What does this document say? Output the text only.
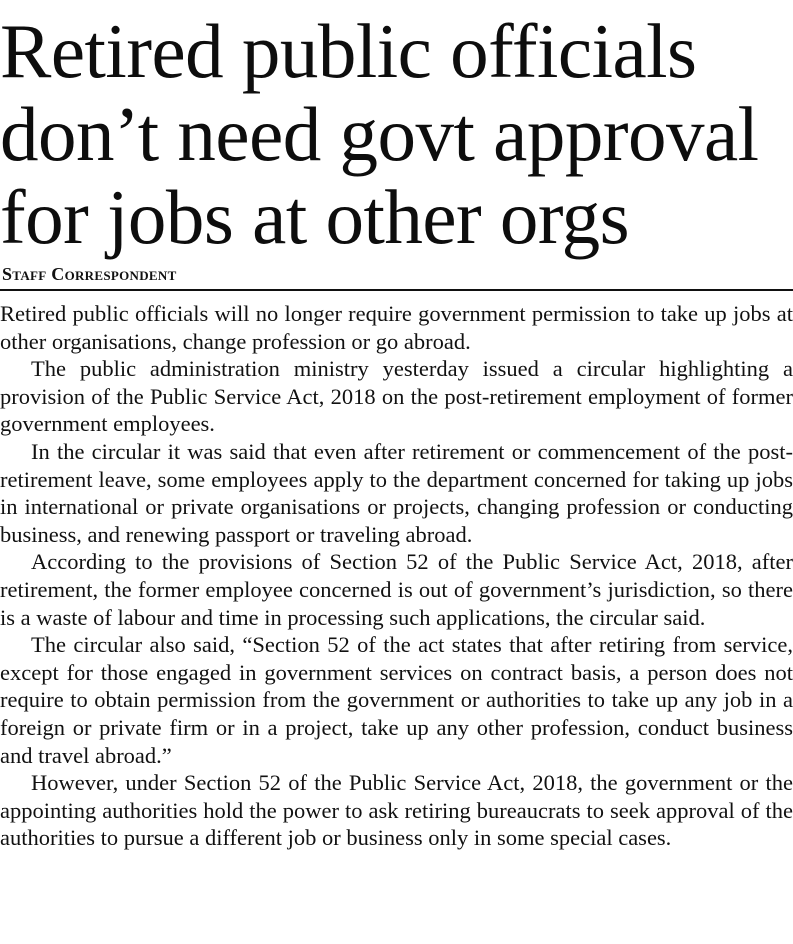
Retired public officials
don’t need govt approval
for jobs at other orgs
Staff Correspondent

Retired public officials will no longer require government permission to take up jobs at other organisations, change profession or go abroad.

The public administration ministry yesterday issued a circular highlighting a provision of the Public Service Act, 2018 on the post-retirement employment of former government employees.

In the circular it was said that even after retirement or commencement of the post-retirement leave, some employees apply to the department concerned for taking up jobs in international or private organisations or projects, changing profession or conducting business, and renewing passport or traveling abroad.

According to the provisions of Section 52 of the Public Service Act, 2018, after retirement, the former employee concerned is out of government’s jurisdiction, so there is a waste of labour and time in processing such applications, the circular said.

The circular also said, “Section 52 of the act states that after retiring from service, except for those engaged in government services on contract basis, a person does not require to obtain permission from the government or authorities to take up any job in a foreign or private firm or in a project, take up any other profession, conduct business and travel abroad.”

However, under Section 52 of the Public Service Act, 2018, the government or the appointing authorities hold the power to ask retiring bureaucrats to seek approval of the authorities to pursue a different job or business only in some special cases.
